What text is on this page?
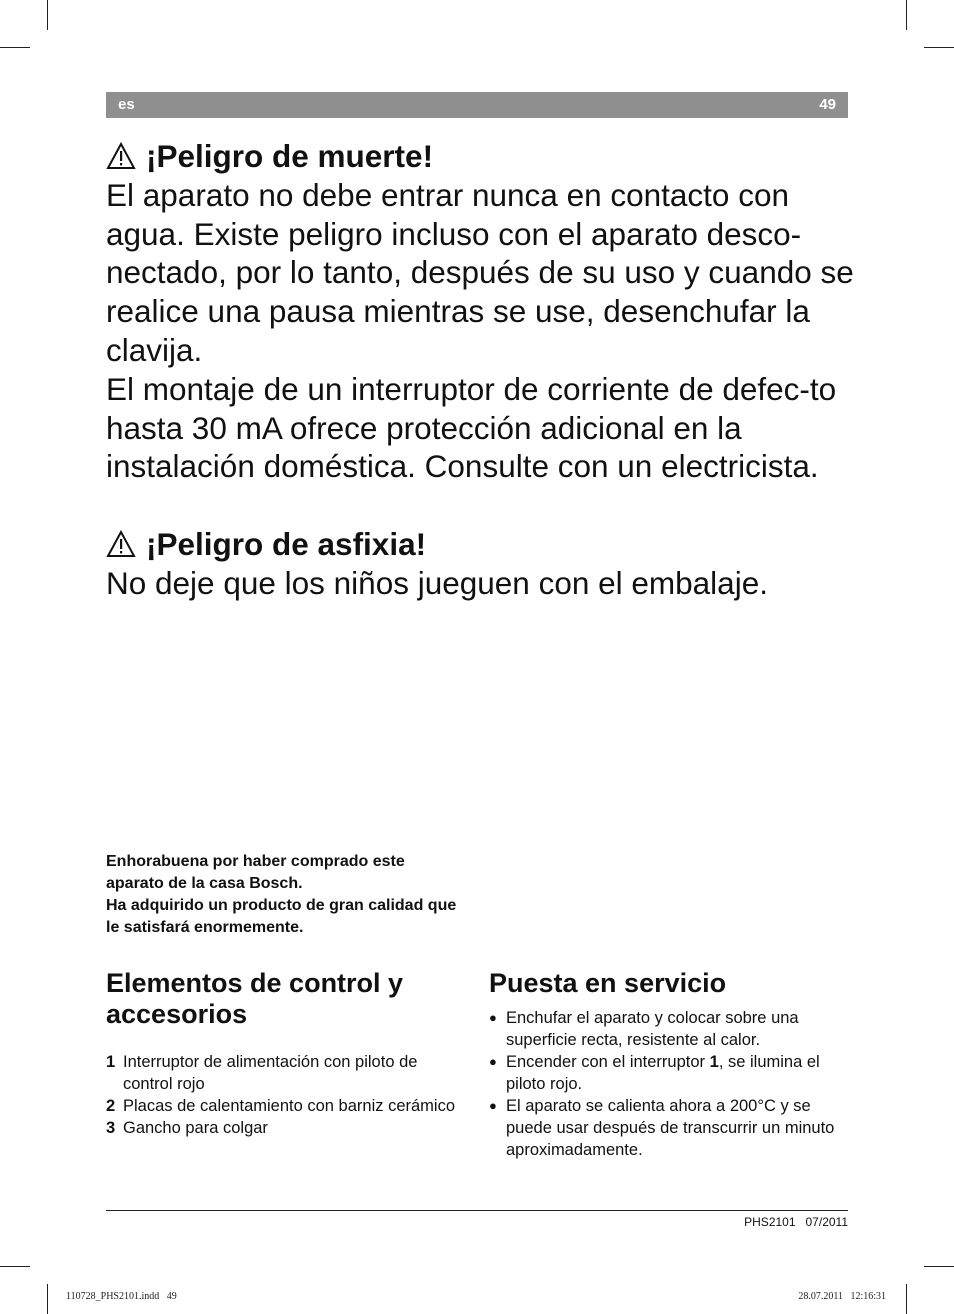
es	49
¡Peligro de muerte!

El aparato no debe entrar nunca en contacto con agua. Existe peligro incluso con el aparato desco-nectado, por lo tanto, después de su uso y cuando se realice una pausa mientras se use, desenchufar la clavija.

El montaje de un interruptor de corriente de defec-to hasta 30 mA ofrece protección adicional en la instalación doméstica. Consulte con un electricista.

¡Peligro de asfixia!

No deje que los niños jueguen con el embalaje.

Enhorabuena por haber comprado este aparato de la casa Bosch.

Ha adquirido un producto de gran calidad que le satisfará enormemente.

Elementos de control y accesorios
1 Interruptor de alimentación con piloto de control rojo
2 Placas de calentamiento con barniz cerámico
3 Gancho para colgar
Puesta en servicio
● Enchufar el aparato y colocar sobre una superficie recta, resistente al calor.
● Encender con el interruptor 1, se ilumina el piloto rojo.
● El aparato se calienta ahora a 200°C y se puede usar después de transcurrir un minuto aproximadamente.
PHS2101   07/2011
110728_PHS2101.indd   49	28.07.2011   12:16:31
